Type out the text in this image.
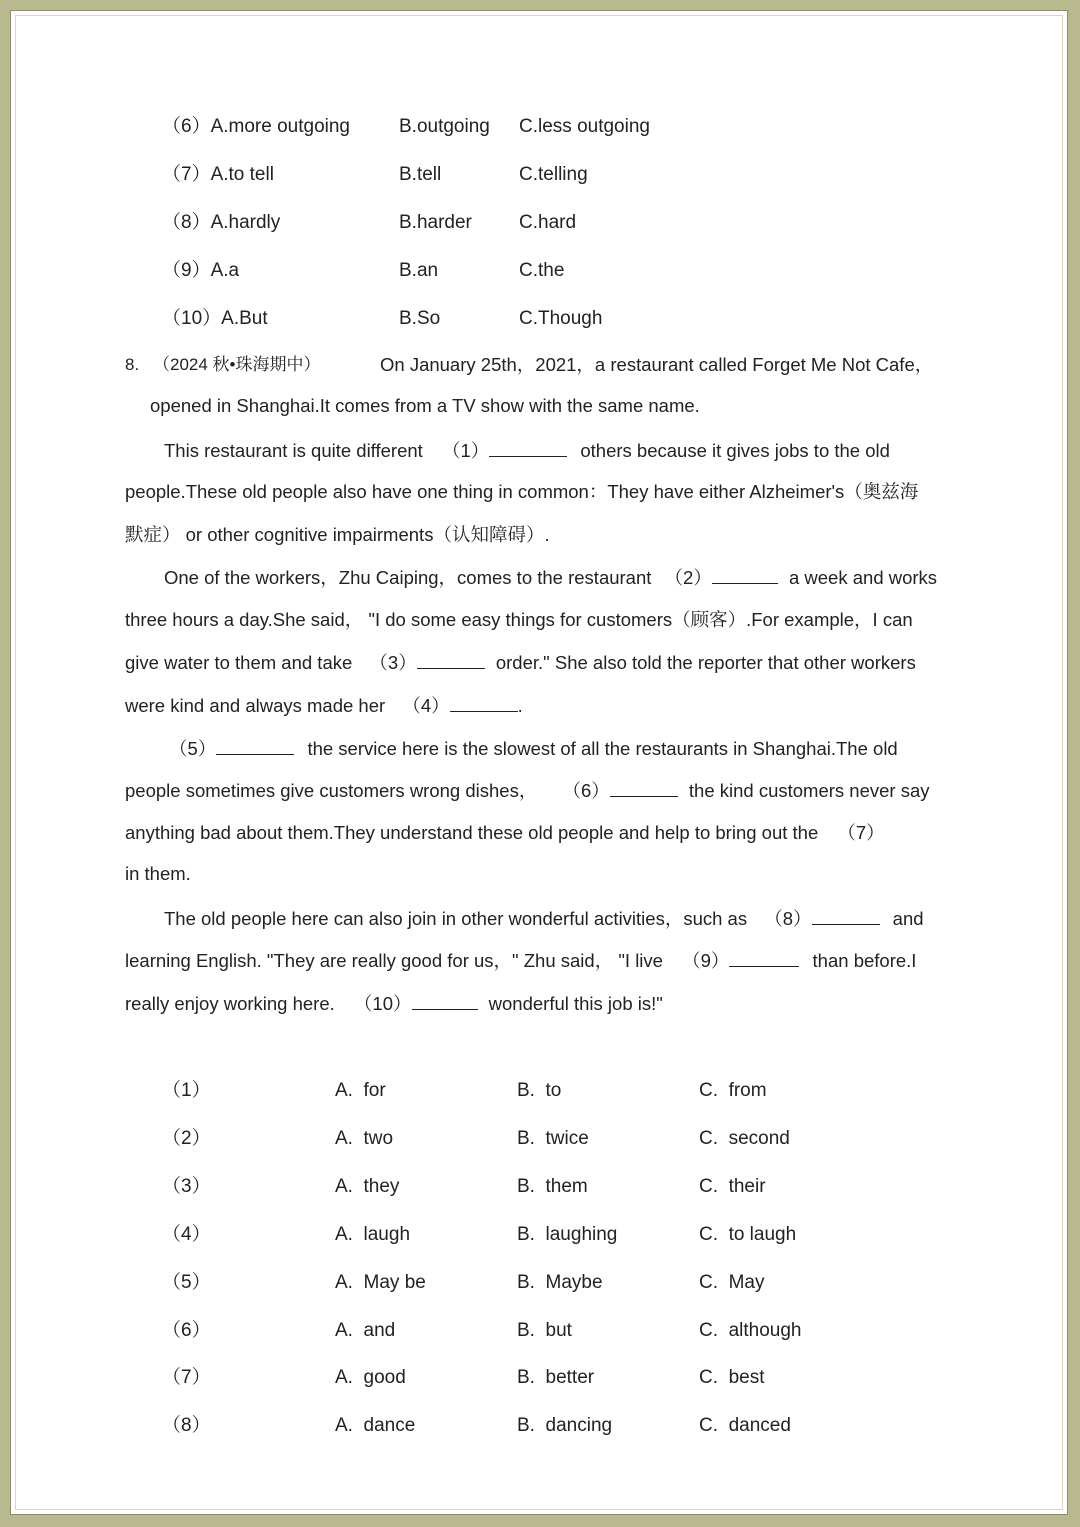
（6）A.more outgoing	B.outgoing C.less outgoing
（7）A.to tell	B.tell	C.telling
（8）A.hardly	B.harder C.hard
（9）A.a	B.an	C.the
（10）A.But	B.So	C.Though
8. （2024 秋•珠海期中）	On January 25th，2021，a restaurant called Forget Me Not Cafe，
opened in Shanghai.It comes from a TV show with the same name.
This restaurant is quite different （1）	others because it gives jobs to the old
people.These old people also have one thing in common：They have either Alzheimer's（奥兹海
默症） or other cognitive impairments（认知障碍）.
One of the workers，Zhu Caiping，comes to the restaurant （2）	a week and works
three hours a day.She said， "I do some easy things for customers（顾客）.For example，I can
give water to them and take （3）	order." She also told the reporter that other workers
were kind and always made her （4）	.
（5）	the service here is the slowest of all the restaurants in Shanghai.The old
people sometimes give customers wrong dishes， （6）	the kind customers never say
anything bad about them.They understand these old people and help to bring out the （7）
in them.
The old people here can also join in other wonderful activities，such as （8）	and
learning English. "They are really good for us，" Zhu said， "I live （9）	than before.I
really enjoy working here. （10）	wonderful this job is!"
（1）	A. for	B. to	C. from
（2）	A. two	B. twice	C. second
（3）	A. they	B. them	C. their
（4）	A. laugh	B. laughing	C. to laugh
（5）	A. May be	B. Maybe	C. May
（6）	A. and	B. but	C. although
（7）	A. good	B. better	C. best
（8）	A. dance	B. dancing	C. danced
